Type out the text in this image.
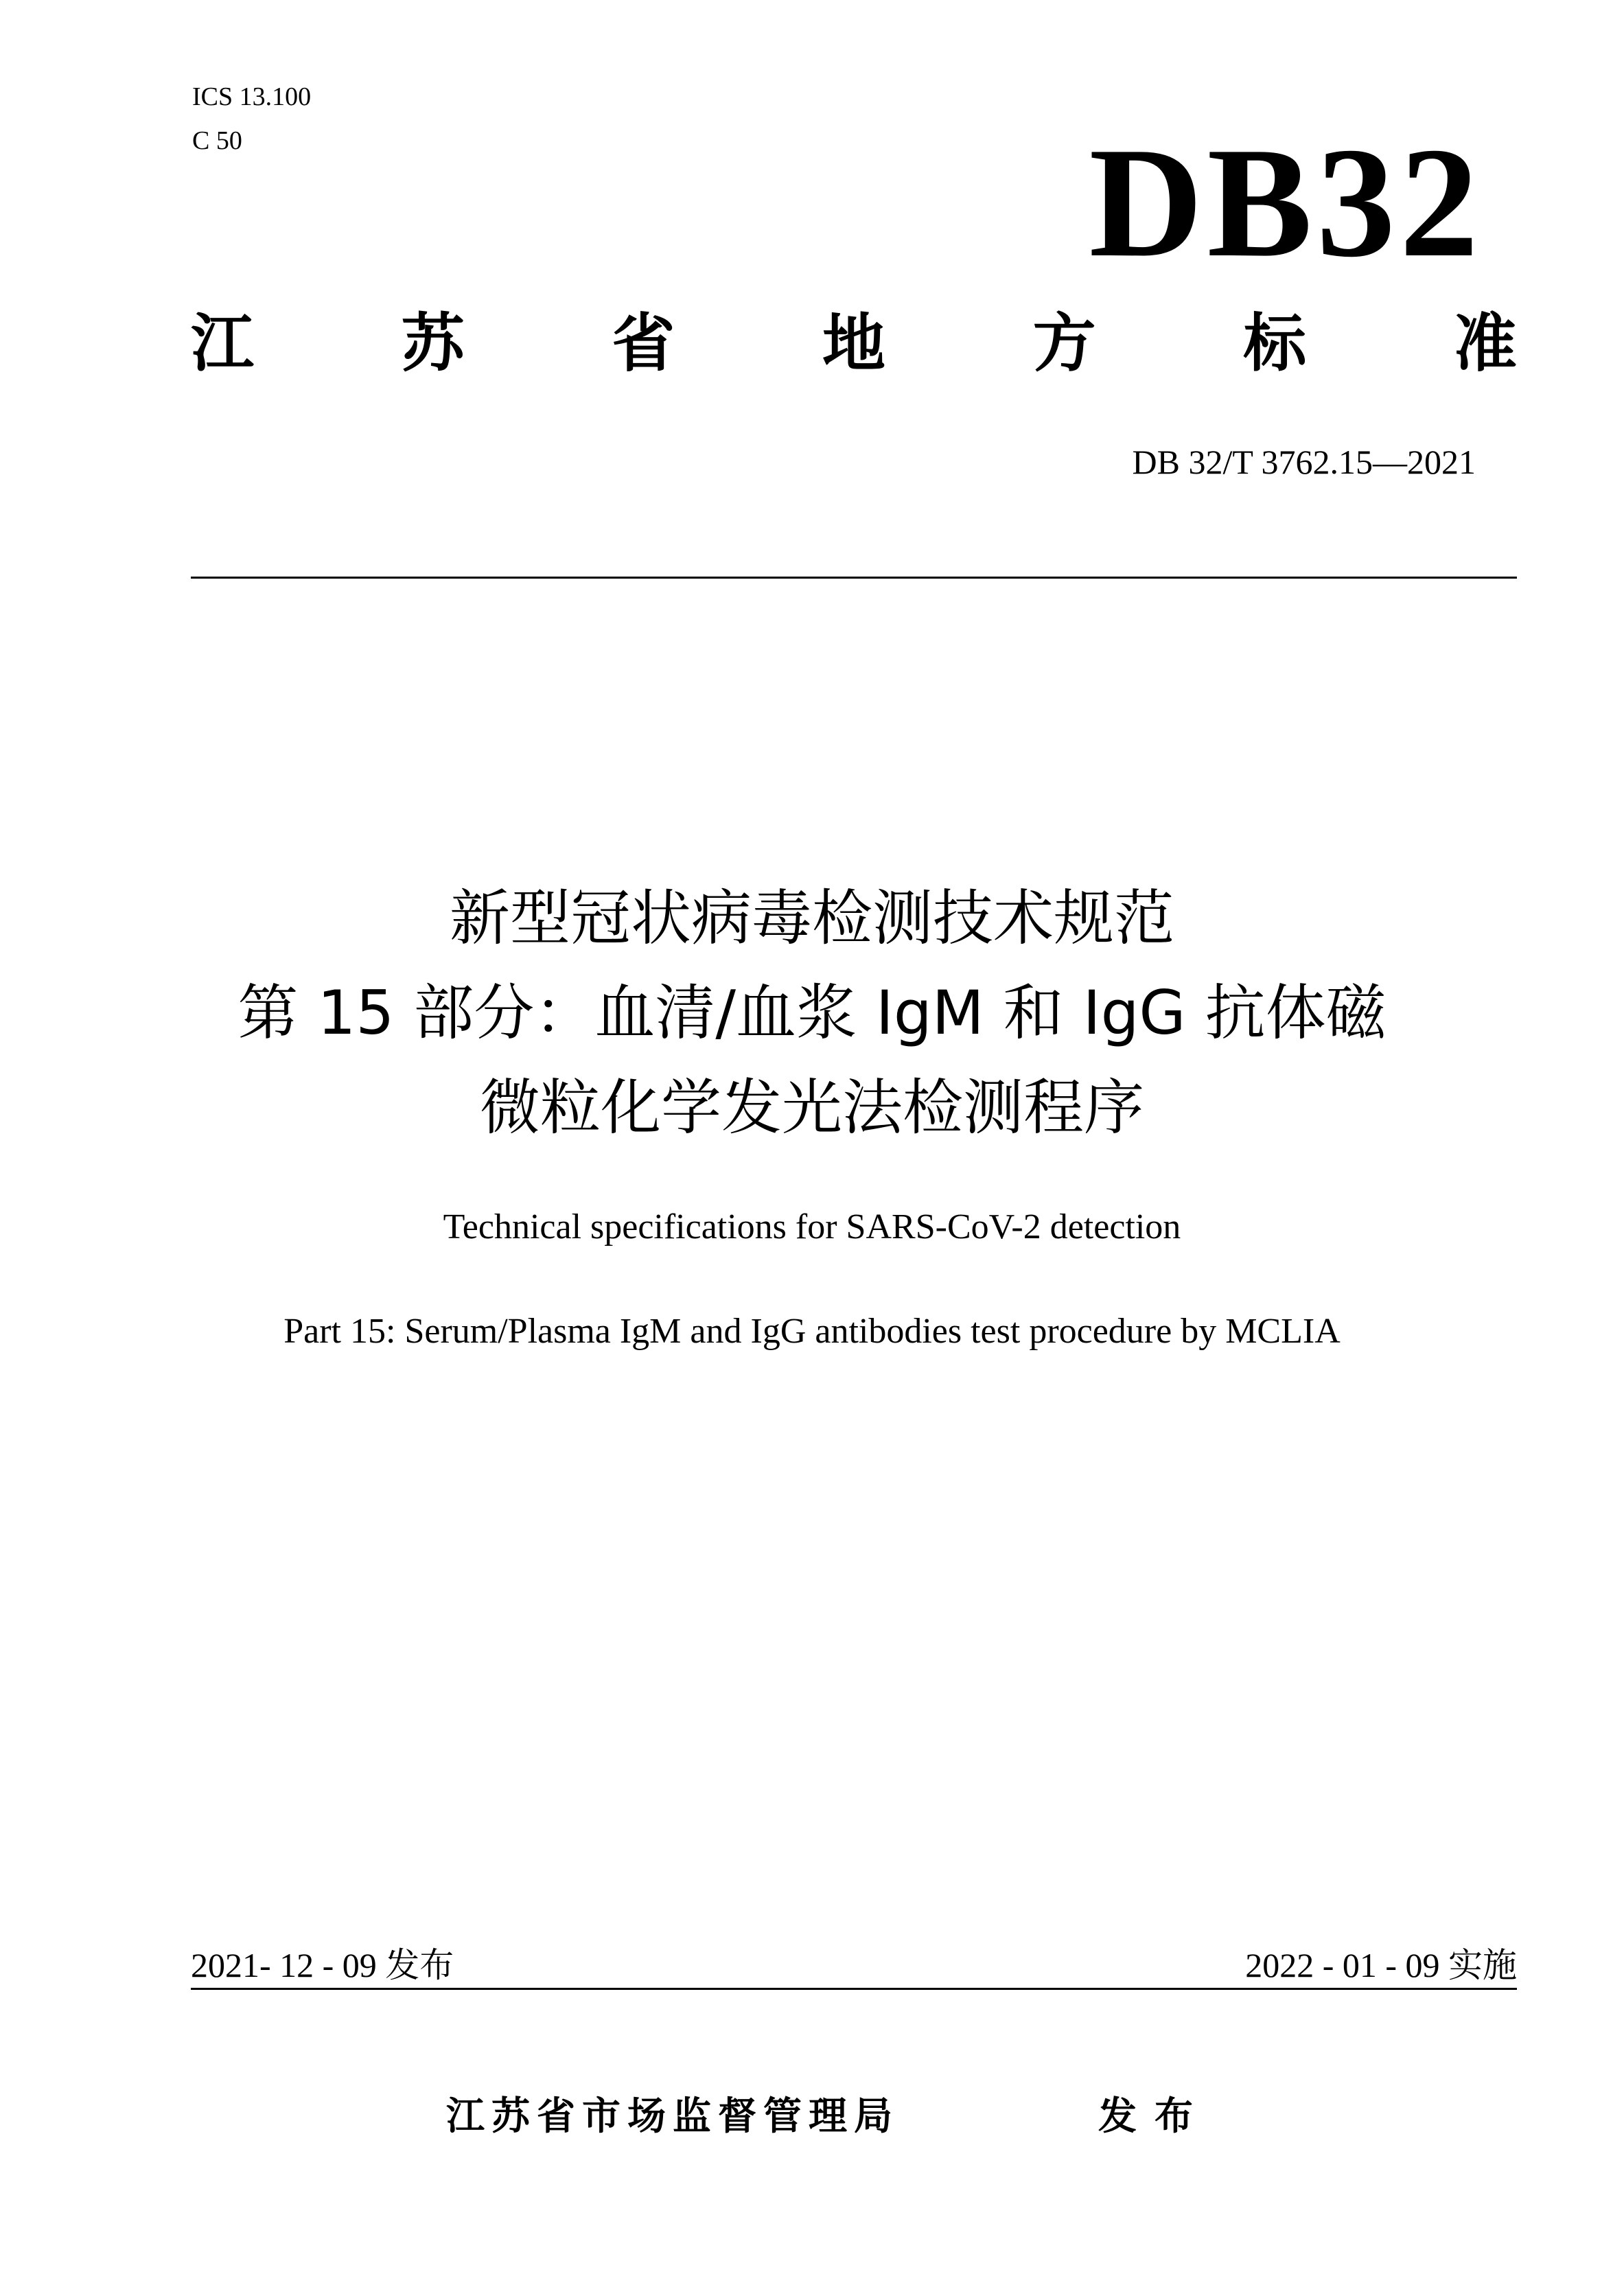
ICS 13.100
C 50	DB32
江 苏 省 地 方 标 准
DB 32/T 3762.15—2021
新型冠状病毒检测技术规范
第 15 部分：血清/血浆 IgM 和 IgG 抗体磁
微粒化学发光法检测程序
Technical specifications for SARS-CoV-2 detection
Part 15: Serum/Plasma IgM and IgG antibodies test procedure by MCLIA
2021- 12 - 09 发布	2022 - 01 - 09 实施
江苏省市场监督管理局	发布
